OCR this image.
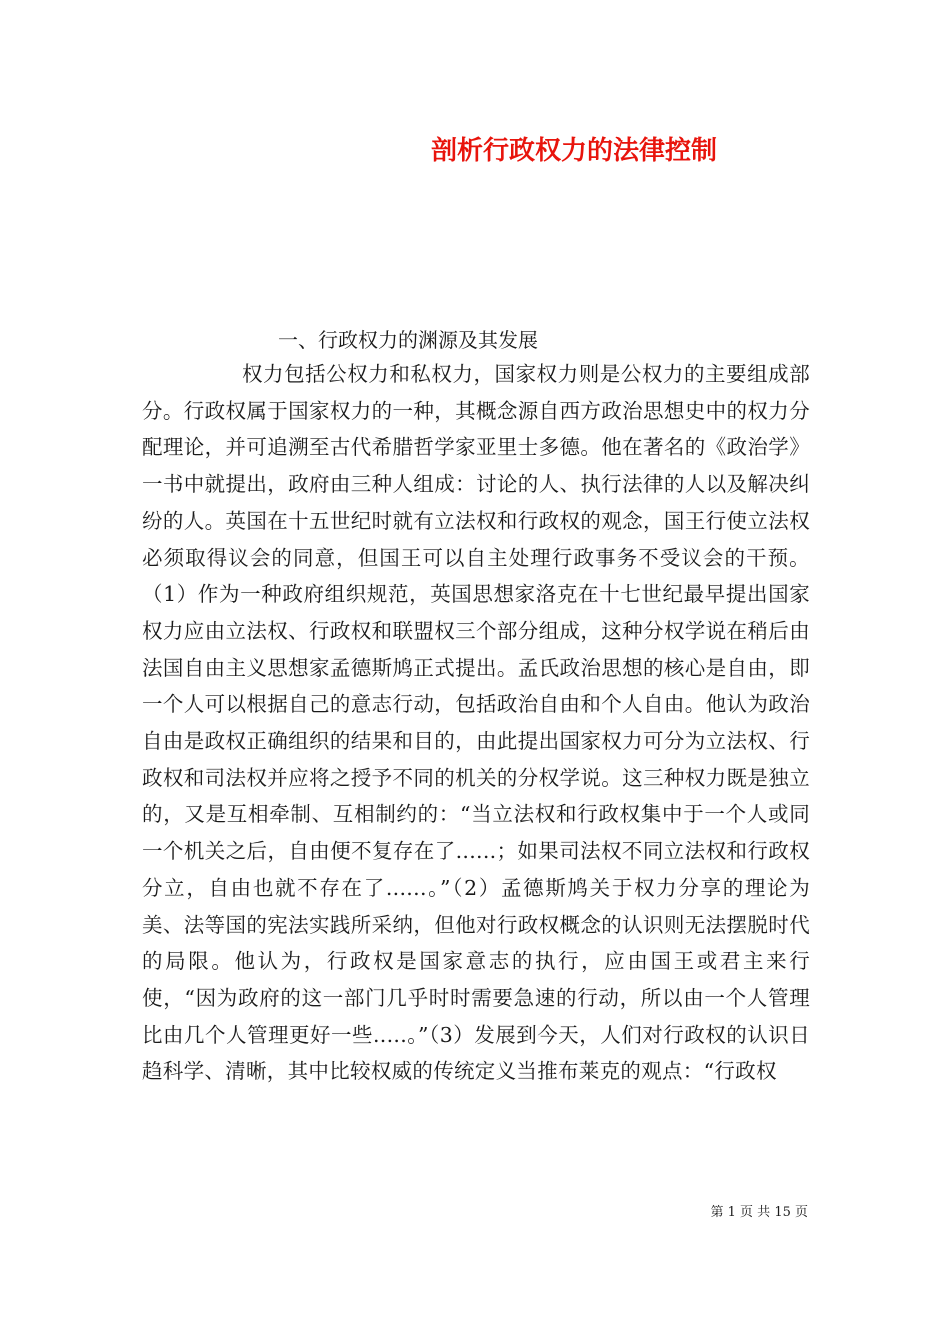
剖析行政权力的法律控制
一、行政权力的渊源及其发展

权力包括公权力和私权力，国家权力则是公权力的主要组成部分。行政权属于国家权力的一种，其概念源自西方政治思想史中的权力分配理论，并可追溯至古代希腊哲学家亚里士多德。他在著名的《政治学》一书中就提出，政府由三种人组成：讨论的人、执行法律的人以及解决纠纷的人。英国在十五世纪时就有立法权和行政权的观念，国王行使立法权必须取得议会的同意，但国王可以自主处理行政事务不受议会的干预。（1）作为一种政府组织规范，英国思想家洛克在十七世纪最早提出国家权力应由立法权、行政权和联盟权三个部分组成，这种分权学说在稍后由法国自由主义思想家孟德斯鸠正式提出。孟氏政治思想的核心是自由，即一个人可以根据自己的意志行动，包括政治自由和个人自由。他认为政治自由是政权正确组织的结果和目的，由此提出国家权力可分为立法权、行政权和司法权并应将之授予不同的机关的分权学说。这三种权力既是独立的，又是互相牵制、互相制约的：“当立法权和行政权集中于一个人或同一个机关之后，自由便不复存在了......；如果司法权不同立法权和行政权分立，自由也就不存在了......。”（2）孟德斯鸠关于权力分享的理论为美、法等国的宪法实践所采纳，但他对行政权概念的认识则无法摆脱时代的局限。他认为，行政权是国家意志的执行，应由国王或君主来行使，“因为政府的这一部门几乎时时需要急速的行动，所以由一个人管理比由几个人管理更好一些.....。”（3）发展到今天，人们对行政权的认识日趋科学、清晰，其中比较权威的传统定义当推布莱克的观点：“行政权

第 1 页 共 15 页
